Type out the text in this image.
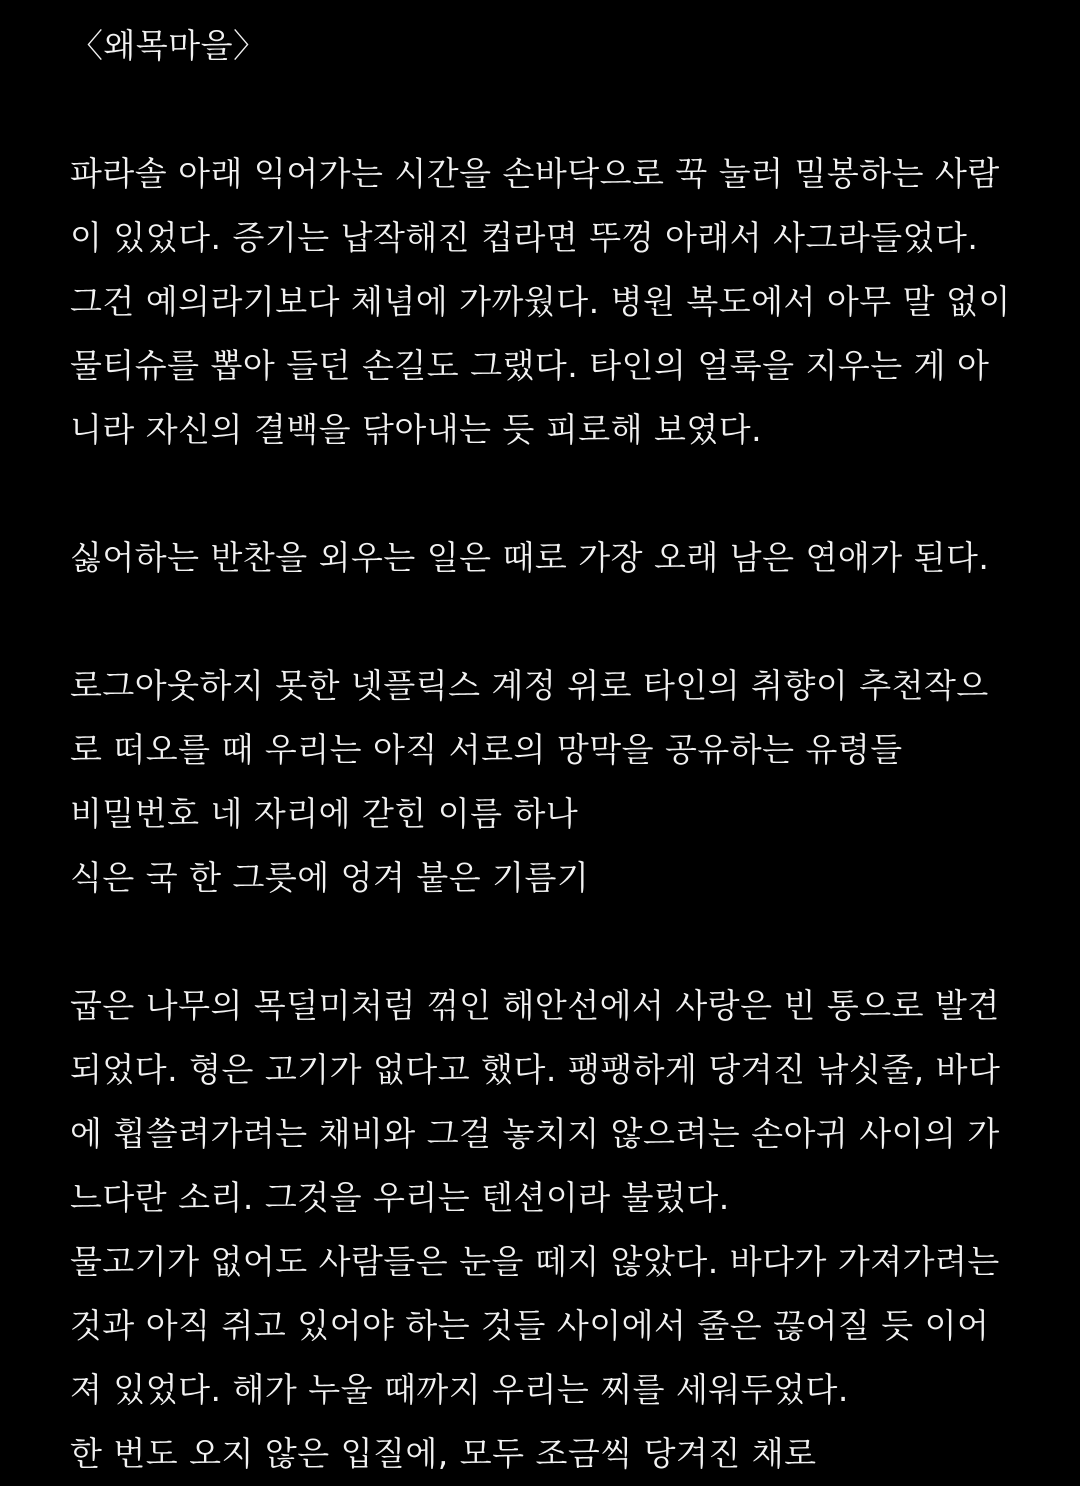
〈왜목마을〉
파라솔 아래 익어가는 시간을 손바닥으로 꾹 눌러 밀봉하는 사람
이 있었다. 증기는 납작해진 컵라면 뚜껑 아래서 사그라들었다.
그건 예의라기보다 체념에 가까웠다. 병원 복도에서 아무 말 없이
물티슈를 뽑아 들던 손길도 그랬다. 타인의 얼룩을 지우는 게 아
니라 자신의 결백을 닦아내는 듯 피로해 보였다.
싫어하는 반찬을 외우는 일은 때로 가장 오래 남은 연애가 된다.
로그아웃하지 못한 넷플릭스 계정 위로 타인의 취향이 추천작으
로 떠오를 때 우리는 아직 서로의 망막을 공유하는 유령들
비밀번호 네 자리에 갇힌 이름 하나
식은 국 한 그릇에 엉겨 붙은 기름기
굽은 나무의 목덜미처럼 꺾인 해안선에서 사랑은 빈 통으로 발견
되었다. 형은 고기가 없다고 했다. 팽팽하게 당겨진 낚싯줄, 바다
에 휩쓸려가려는 채비와 그걸 놓치지 않으려는 손아귀 사이의 가
느다란 소리. 그것을 우리는 텐션이라 불렀다.
물고기가 없어도 사람들은 눈을 떼지 않았다. 바다가 가져가려는
것과 아직 쥐고 있어야 하는 것들 사이에서 줄은 끊어질 듯 이어
져 있었다. 해가 누울 때까지 우리는 찌를 세워두었다.
한 번도 오지 않은 입질에, 모두 조금씩 당겨진 채로
